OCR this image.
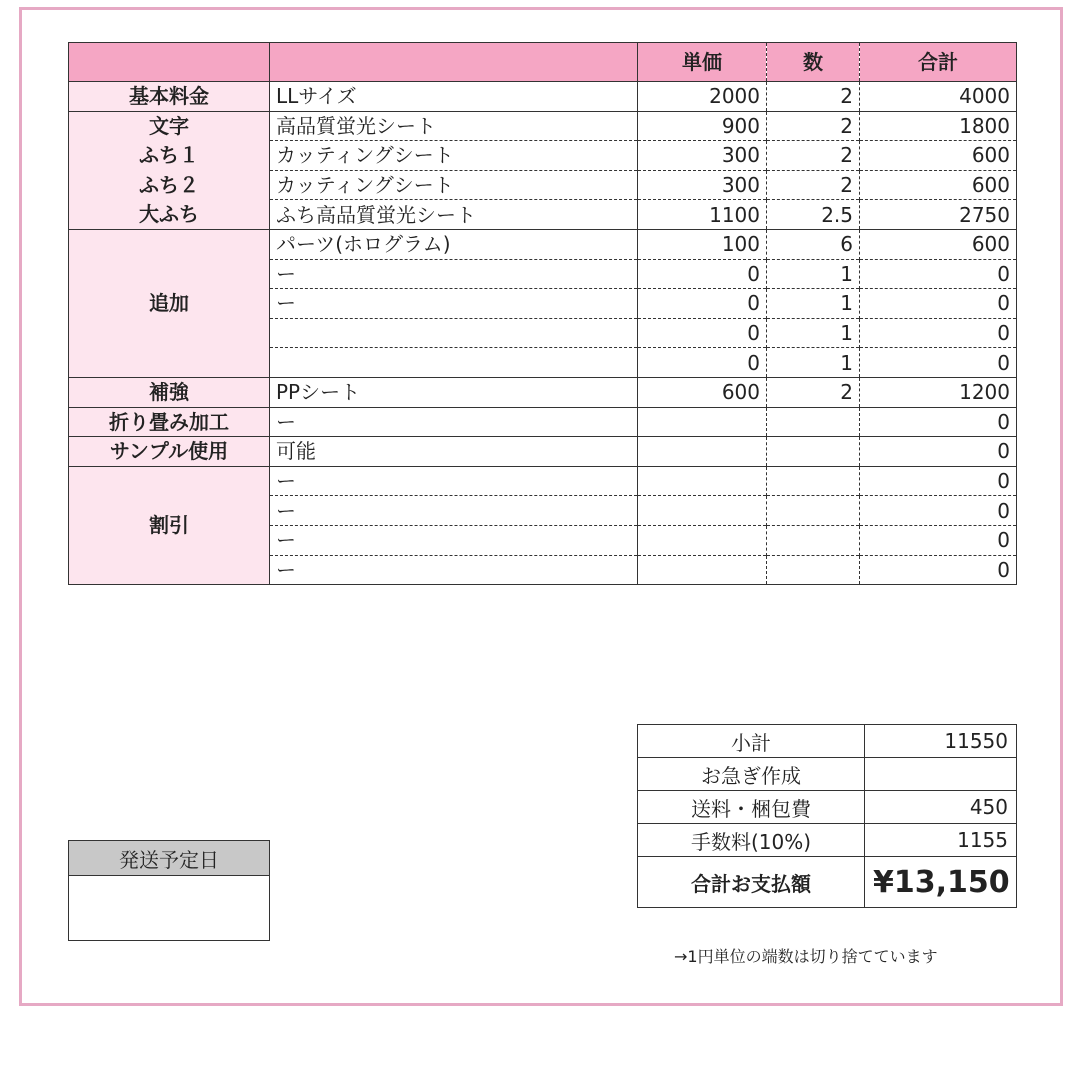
		単価	数	合計
基本料金	LLサイズ	2000	2	4000
文字	高品質蛍光シート	900	2	1800
ふち１	カッティングシート	300	2	600
ふち２	カッティングシート	300	2	600
大ふち	ふち高品質蛍光シート	1100	2.5	2750
追加	パーツ(ホログラム)	100	6	600
	ー	0	1	0
	ー	0	1	0
		0	1	0
		0	1	0
補強	PPシート	600	2	1200
折り畳み加工	ー			0
サンプル使用	可能			0
割引	ー			0
	ー			0
	ー			0
	ー			0
小計	11550
お急ぎ作成	
送料・梱包費	450
手数料(10%)	1155
合計お支払額	¥13,150
→1円単位の端数は切り捨てています
発送予定日
